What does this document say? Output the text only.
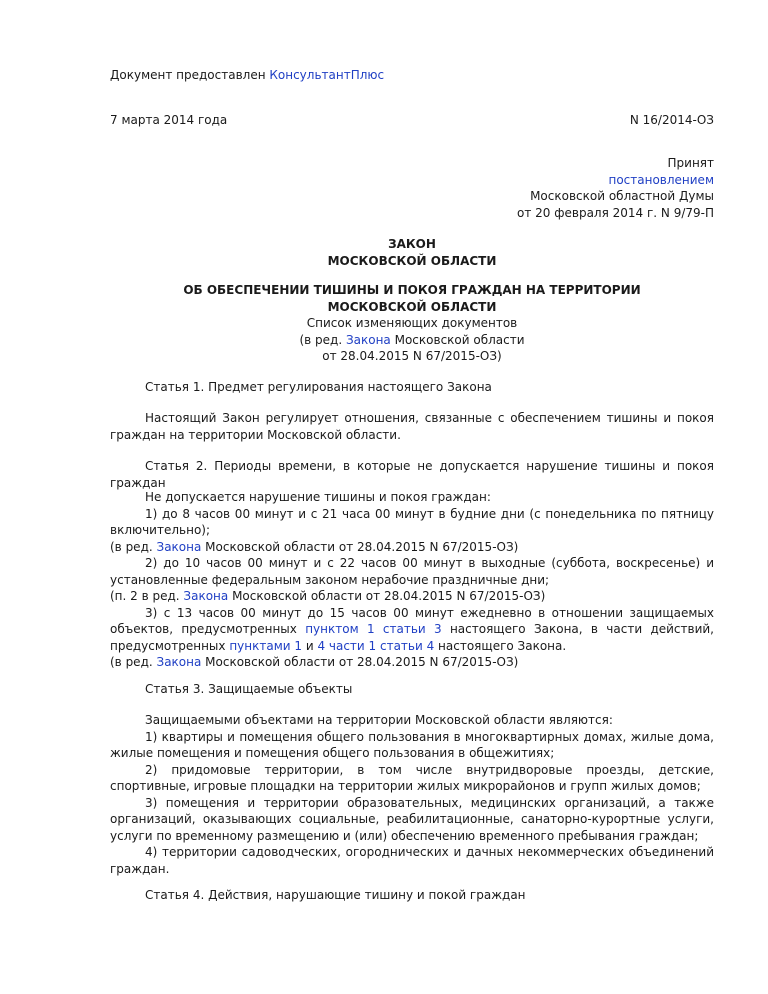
Документ предоставлен КонсультантПлюс
7 марта 2014 года	N 16/2014-ОЗ
Принят
постановлением
Московской областной Думы
от 20 февраля 2014 г. N 9/79-П
ЗАКОН
МОСКОВСКОЙ ОБЛАСТИ
ОБ ОБЕСПЕЧЕНИИ ТИШИНЫ И ПОКОЯ ГРАЖДАН НА ТЕРРИТОРИИ
МОСКОВСКОЙ ОБЛАСТИ
Список изменяющих документов
(в ред. Закона Московской области
от 28.04.2015 N 67/2015-ОЗ)

Статья 1. Предмет регулирования настоящего Закона

Настоящий Закон регулирует отношения, связанные с обеспечением тишины и покоя граждан на территории Московской области.

Статья 2. Периоды времени, в которые не допускается нарушение тишины и покоя граждан

Не допускается нарушение тишины и покоя граждан:

1) до 8 часов 00 минут и с 21 часа 00 минут в будние дни (с понедельника по пятницу включительно);

(в ред. Закона Московской области от 28.04.2015 N 67/2015-ОЗ)

2) до 10 часов 00 минут и с 22 часов 00 минут в выходные (суббота, воскресенье) и установленные федеральным законом нерабочие праздничные дни;

(п. 2 в ред. Закона Московской области от 28.04.2015 N 67/2015-ОЗ)

3) с 13 часов 00 минут до 15 часов 00 минут ежедневно в отношении защищаемых объектов, предусмотренных пунктом 1 статьи 3 настоящего Закона, в части действий, предусмотренных пунктами 1 и 4 части 1 статьи 4 настоящего Закона.

(в ред. Закона Московской области от 28.04.2015 N 67/2015-ОЗ)

Статья 3. Защищаемые объекты

Защищаемыми объектами на территории Московской области являются:

1) квартиры и помещения общего пользования в многоквартирных домах, жилые дома, жилые помещения и помещения общего пользования в общежитиях;

2) придомовые территории, в том числе внутридворовые проезды, детские, спортивные, игровые площадки на территории жилых микрорайонов и групп жилых домов;

3) помещения и территории образовательных, медицинских организаций, а также организаций, оказывающих социальные, реабилитационные, санаторно-курортные услуги, услуги по временному размещению и (или) обеспечению временного пребывания граждан;

4) территории садоводческих, огороднических и дачных некоммерческих объединений граждан.

Статья 4. Действия, нарушающие тишину и покой граждан
